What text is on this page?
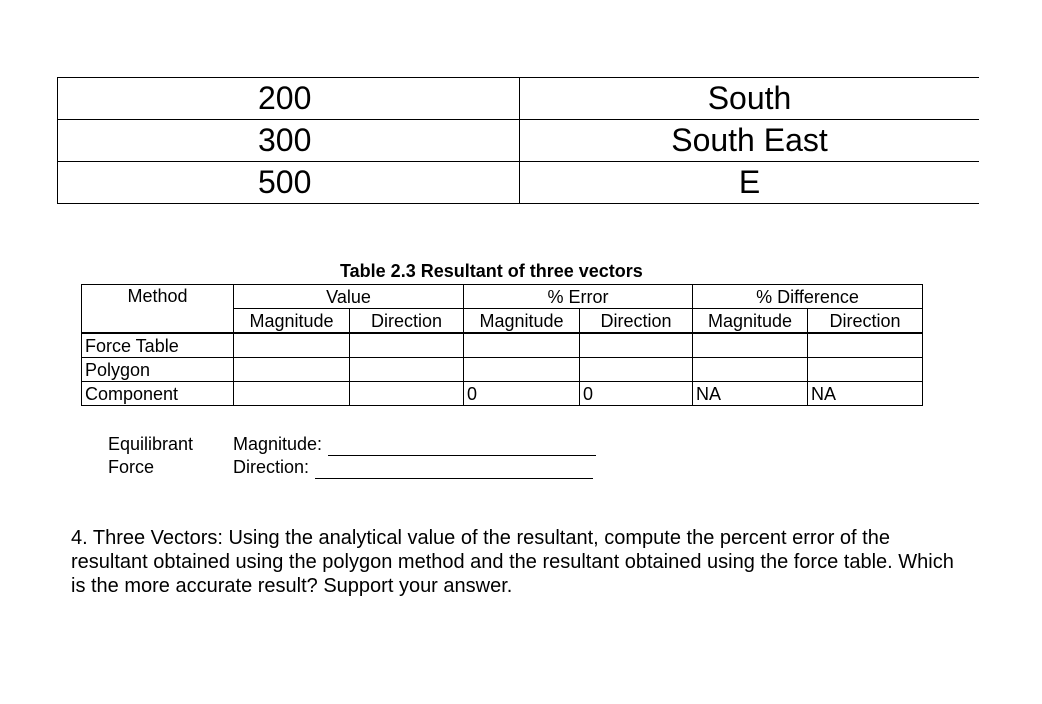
200	South
300	South East
500	E
Table 2.3 Resultant of three vectors
Method	Value		% Error		% Difference	
	Magnitude	Direction	Magnitude	Direction	Magnitude	Direction

Force Table						
Polygon						
Component			0	0	NA	NA
Equilibrant
Force
Magnitude:
Direction:
4. Three Vectors: Using the analytical value of the resultant, compute the percent error of the resultant obtained using the polygon method and the resultant obtained using the force table. Which is the more accurate result? Support your answer.
